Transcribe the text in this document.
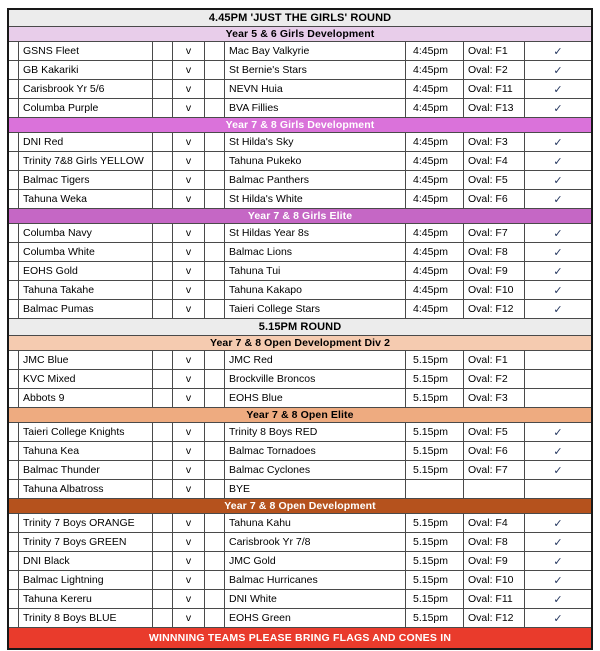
4.45PM 'JUST THE GIRLS' ROUND
Year 5 & 6 Girls Development
GSNS Fleet	v	Mac Bay Valkyrie	4:45pm	Oval: F1	✓
GB Kakariki	v	St Bernie's Stars	4:45pm	Oval: F2	✓
Carisbrook Yr 5/6	v	NEVN Huia	4:45pm	Oval: F11	✓
Columba Purple	v	BVA Fillies	4:45pm	Oval: F13	✓
Year 7 & 8 Girls Development
DNI Red	v	St Hilda's Sky	4:45pm	Oval: F3	✓
Trinity 7&8 Girls YELLOW	v	Tahuna Pukeko	4:45pm	Oval: F4	✓
Balmac Tigers	v	Balmac Panthers	4:45pm	Oval: F5	✓
Tahuna Weka	v	St Hilda's White	4:45pm	Oval: F6	✓
Year 7 & 8 Girls Elite
Columba Navy	v	St Hildas Year 8s	4:45pm	Oval: F7	✓
Columba White	v	Balmac Lions	4:45pm	Oval: F8	✓
EOHS Gold	v	Tahuna Tui	4:45pm	Oval: F9	✓
Tahuna Takahe	v	Tahuna Kakapo	4:45pm	Oval: F10	✓
Balmac Pumas	v	Taieri College Stars	4:45pm	Oval: F12	✓
5.15PM ROUND
Year 7 & 8 Open Development Div 2
JMC Blue	v	JMC Red	5.15pm	Oval: F1
KVC Mixed	v	Brockville Broncos	5.15pm	Oval: F2
Abbots 9	v	EOHS Blue	5.15pm	Oval: F3
Year 7 & 8 Open Elite
Taieri College Knights	v	Trinity 8 Boys RED	5.15pm	Oval: F5	✓
Tahuna Kea	v	Balmac Tornadoes	5.15pm	Oval: F6	✓
Balmac Thunder	v	Balmac Cyclones	5.15pm	Oval: F7	✓
Tahuna Albatross	v	BYE
Year 7 & 8 Open Development
Trinity 7 Boys ORANGE	v	Tahuna Kahu	5.15pm	Oval: F4	✓
Trinity 7 Boys GREEN	v	Carisbrook Yr 7/8	5.15pm	Oval: F8	✓
DNI Black	v	JMC Gold	5.15pm	Oval: F9	✓
Balmac Lightning	v	Balmac Hurricanes	5.15pm	Oval: F10	✓
Tahuna Kereru	v	DNI White	5.15pm	Oval: F11	✓
Trinity 8 Boys BLUE	v	EOHS Green	5.15pm	Oval: F12	✓
WINNNING TEAMS PLEASE BRING FLAGS AND CONES IN
